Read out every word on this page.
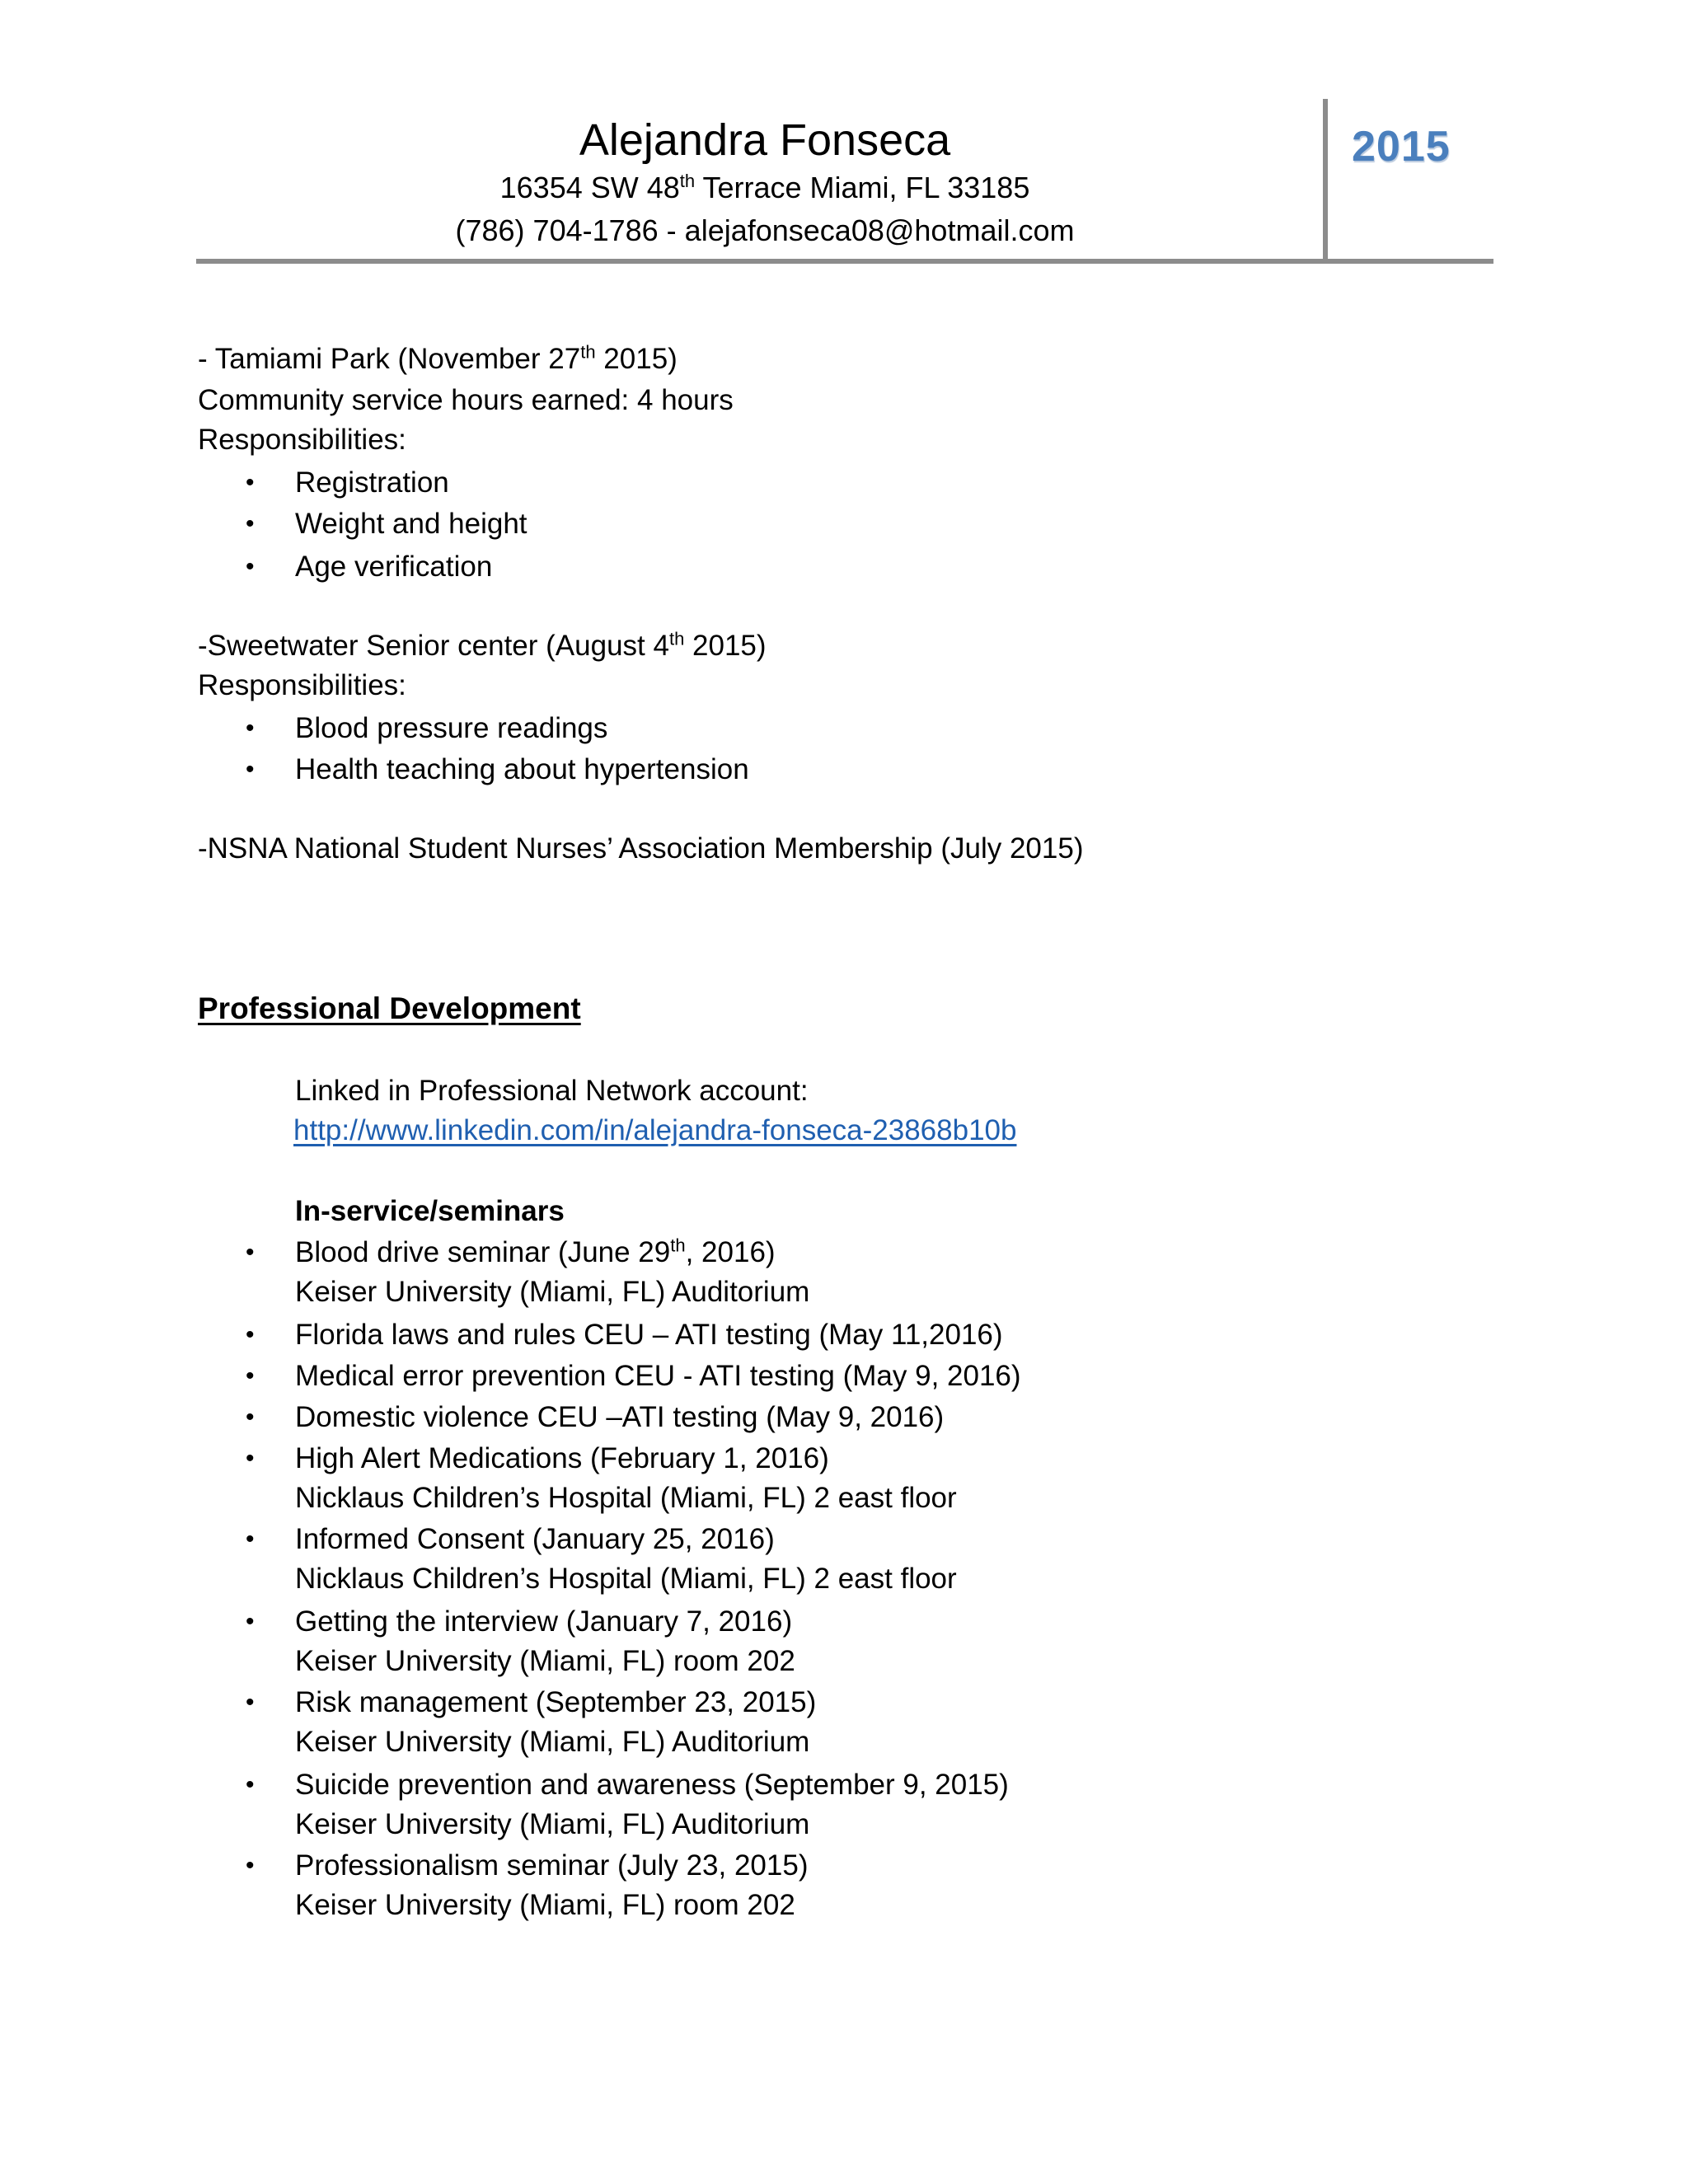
Alejandra Fonseca
16354 SW 48th Terrace Miami, FL 33185
(786) 704-1786 - alejafonseca08@hotmail.com
2015
- Tamiami Park (November 27th 2015)
Community service hours earned: 4 hours
Responsibilities:
• Registration
• Weight and height
• Age verification
-Sweetwater Senior center (August 4th 2015)
Responsibilities:
• Blood pressure readings
• Health teaching about hypertension
-NSNA National Student Nurses’ Association Membership (July 2015)
Professional Development
Linked in Professional Network account:
http://www.linkedin.com/in/alejandra-fonseca-23868b10b
In-service/seminars
• Blood drive seminar (June 29th, 2016)
Keiser University (Miami, FL) Auditorium
• Florida laws and rules CEU – ATI testing (May 11,2016)
• Medical error prevention CEU - ATI testing (May 9, 2016)
• Domestic violence CEU –ATI testing (May 9, 2016)
• High Alert Medications (February 1, 2016)
Nicklaus Children’s Hospital (Miami, FL) 2 east floor
• Informed Consent (January 25, 2016)
Nicklaus Children’s Hospital (Miami, FL) 2 east floor
• Getting the interview (January 7, 2016)
Keiser University (Miami, FL) room 202
• Risk management (September 23, 2015)
Keiser University (Miami, FL) Auditorium
• Suicide prevention and awareness (September 9, 2015)
Keiser University (Miami, FL) Auditorium
• Professionalism seminar (July 23, 2015)
Keiser University (Miami, FL) room 202
